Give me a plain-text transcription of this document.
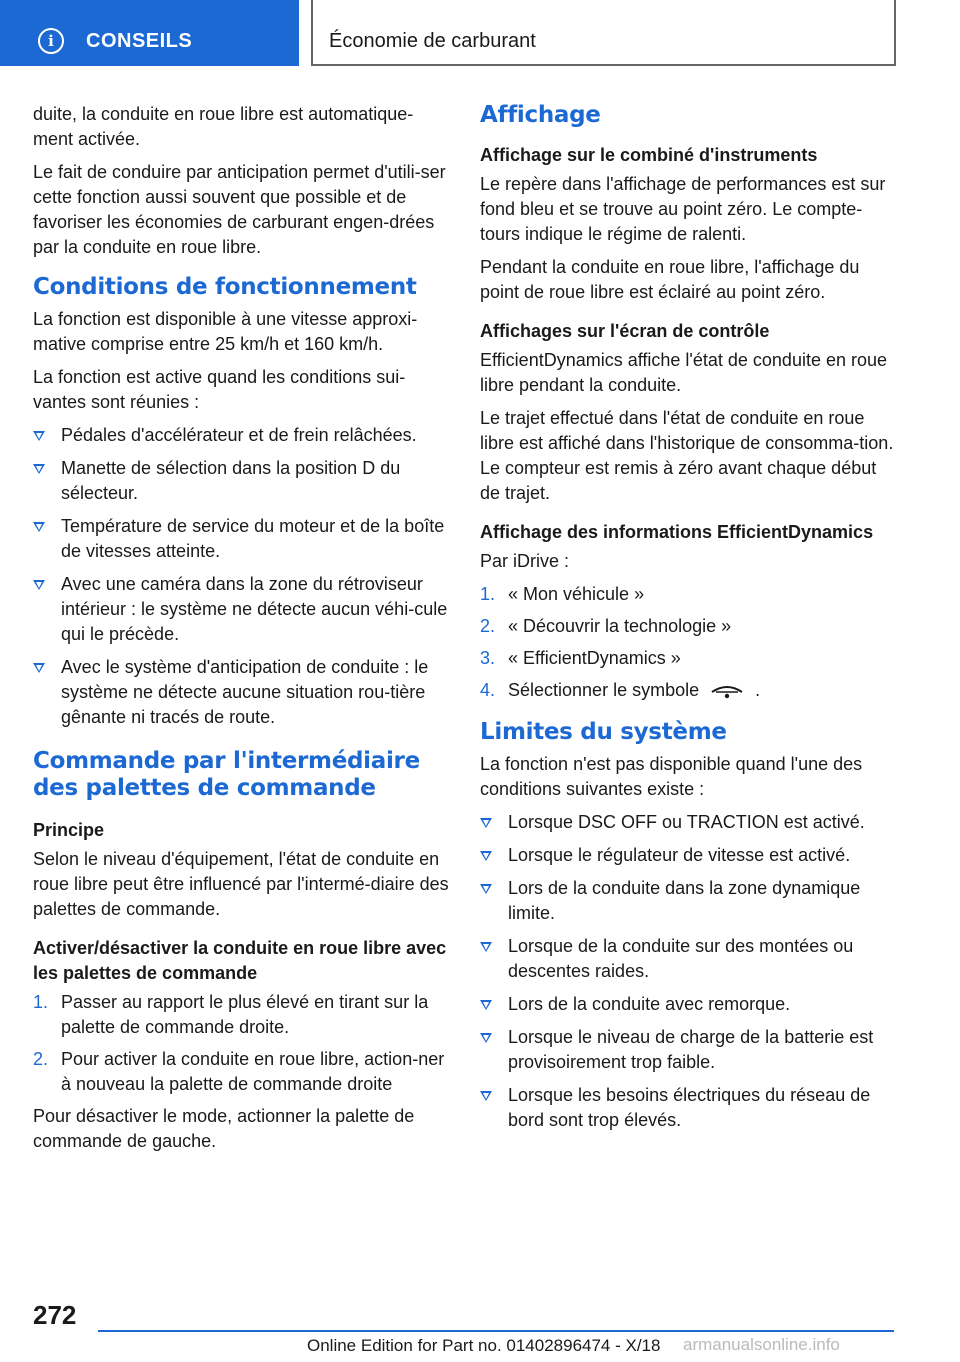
i	CONSEILS	Économie de carburant

duite, la conduite en roue libre est automatique-ment activée.

Le fait de conduire par anticipation permet d'utili-ser cette fonction aussi souvent que possible et de favoriser les économies de carburant engen-drées par la conduite en roue libre.

Conditions de fonctionnement

La fonction est disponible à une vitesse approxi-mative comprise entre 25 km/h et 160 km/h.

La fonction est active quand les conditions sui-vantes sont réunies :

Pédales d'accélérateur et de frein relâchées.
Manette de sélection dans la position D du sélecteur.
Température de service du moteur et de la boîte de vitesses atteinte.
Avec une caméra dans la zone du rétroviseur intérieur : le système ne détecte aucun véhi-cule qui le précède.
Avec le système d'anticipation de conduite : le système ne détecte aucune situation rou-tière gênante ni tracés de route.
Commande par l'intermédiaire des palettes de commande
Principe

Selon le niveau d'équipement, l'état de conduite en roue libre peut être influencé par l'intermé-diaire des palettes de commande.

Activer/désactiver la conduite en roue libre avec les palettes de commande
1. Passer au rapport le plus élevé en tirant sur la palette de commande droite.
2. Pour activer la conduite en roue libre, action-ner à nouveau la palette de commande droite

Pour désactiver le mode, actionner la palette de commande de gauche.

Affichage
Affichage sur le combiné d'instruments

Le repère dans l'affichage de performances est sur fond bleu et se trouve au point zéro. Le compte-tours indique le régime de ralenti.

Pendant la conduite en roue libre, l'affichage du point de roue libre est éclairé au point zéro.

Affichages sur l'écran de contrôle

EfficientDynamics affiche l'état de conduite en roue libre pendant la conduite.

Le trajet effectué dans l'état de conduite en roue libre est affiché dans l'historique de consomma-tion. Le compteur est remis à zéro avant chaque début de trajet.

Affichage des informations EfficientDynamics

Par iDrive :

1. « Mon véhicule »
2. « Découvrir la technologie »
3. « EfficientDynamics »
4. Sélectionner le symbole	.
Limites du système

La fonction n'est pas disponible quand l'une des conditions suivantes existe :

Lorsque DSC OFF ou TRACTION est activé.
Lorsque le régulateur de vitesse est activé.
Lors de la conduite dans la zone dynamique limite.
Lorsque de la conduite sur des montées ou descentes raides.
Lors de la conduite avec remorque.
Lorsque le niveau de charge de la batterie est provisoirement trop faible.
Lorsque les besoins électriques du réseau de bord sont trop élevés.
272
Online Edition for Part no. 01402896474 - X/18 armanualsonline.info
